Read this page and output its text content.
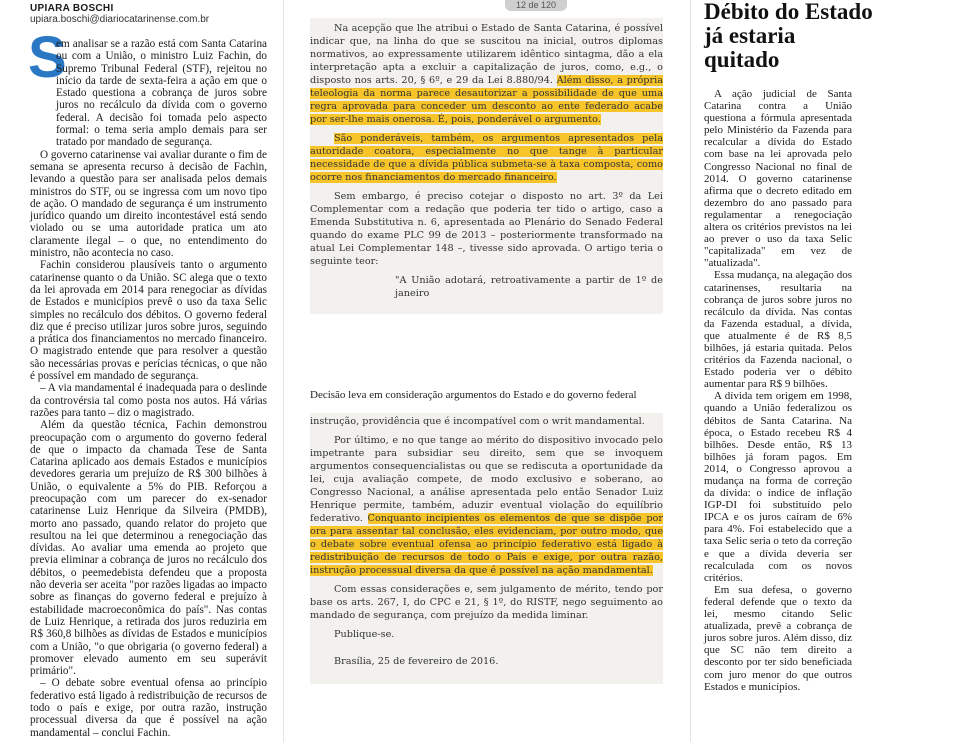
UPIARA BOSCHI
upiara.boschi@diariocatarinense.com.br
12 de 120
S

em analisar se a razão está com Santa Catarina ou com a União, o ministro Luiz Fachin, do Supremo Tribunal Federal (STF), rejeitou no início da tarde de sexta-feira a ação em que o Estado questiona a cobrança de juros sobre juros no recálculo da dívida com o governo federal. A decisão foi tomada pelo aspecto formal: o tema seria amplo demais para ser tratado por mandado de segurança.

O governo catarinense vai avaliar durante o fim de semana se apresenta recurso à decisão de Fachin, levando a questão para ser analisada pelos demais ministros do STF, ou se ingressa com um novo tipo de ação. O mandado de segurança é um instrumento jurídico quando um direito incontestável está sendo violado ou se uma autoridade pratica um ato claramente ilegal – o que, no entendimento do ministro, não acontecia no caso.

Fachin considerou plausíveis tanto o argumento catarinense quanto o da União. SC alega que o texto da lei aprovada em 2014 para renegociar as dívidas de Estados e municípios prevê o uso da taxa Selic simples no recálculo dos débitos. O governo federal diz que é preciso utilizar juros sobre juros, seguindo a prática dos financiamentos no mercado financeiro. O magistrado entende que para resolver a questão são necessárias provas e perícias técnicas, o que não é possível em mandado de segurança.

– A via mandamental é inadequada para o deslinde da controvérsia tal como posta nos autos. Há várias razões para tanto – diz o magistrado.

Além da questão técnica, Fachin demonstrou preocupação com o argumento do governo federal de que o impacto da chamada Tese de Santa Catarina aplicado aos demais Estados e municípios devedores geraria um prejuízo de R$ 300 bilhões à União, o equivalente a 5% do PIB. Reforçou a preocupação com um parecer do ex-senador catarinense Luiz Henrique da Silveira (PMDB), morto ano passado, quando relator do projeto que resultou na lei que determinou a renegociação das dívidas. Ao avaliar uma emenda ao projeto que previa eliminar a cobrança de juros no recálculo dos débitos, o peemedebista defendeu que a proposta não deveria ser aceita "por razões ligadas ao impacto sobre as finanças do governo federal e prejuízo à estabilidade macroeconômica do país". Nas contas de Luiz Henrique, a retirada dos juros reduziria em R$ 360,8 bilhões as dívidas de Estados e municípios com a União, "o que obrigaria (o governo federal) a promover elevado aumento em seu superávit primário".

– O debate sobre eventual ofensa ao princípio federativo está ligado à redistribuição de recursos de todo o país e exige, por outra razão, instrução processual diversa da que é possível na ação mandamental – conclui Fachin.

Na acepção que lhe atribui o Estado de Santa Catarina, é possível indicar que, na linha do que se suscitou na inicial, outros diplomas normativos, ao expressamente utilizarem idêntico sintagma, dão a ela interpretação apta a excluir a capitalização de juros, como, e.g., o disposto nos arts. 20, § 6º, e 29 da Lei 8.880/94. Além disso, a própria teleologia da norma parece desautorizar a possibilidade de que uma regra aprovada para conceder um desconto ao ente federado acabe por ser-lhe mais onerosa. É, pois, ponderável o argumento.

São ponderáveis, também, os argumentos apresentados pela autoridade coatora, especialmente no que tange à particular necessidade de que a dívida pública submeta-se à taxa composta, como ocorre nos financiamentos do mercado financeiro.

Sem embargo, é preciso cotejar o disposto no art. 3º da Lei Complementar com a redação que poderia ter tido o artigo, caso a Emenda Substitutiva n. 6, apresentada ao Plenário do Senado Federal quando do exame PLC 99 de 2013 – posteriormente transformado na atual Lei Complementar 148 –, tivesse sido aprovada. O artigo teria o seguinte teor:

"A União adotará, retroativamente a partir de 1º de janeiro

Decisão leva em consideração argumentos do Estado e do governo federal

instrução, providência que é incompatível com o writ mandamental.

Por último, e no que tange ao mérito do dispositivo invocado pelo impetrante para subsidiar seu direito, sem que se invoquem argumentos consequencialistas ou que se rediscuta a oportunidade da lei, cuja avaliação compete, de modo exclusivo e soberano, ao Congresso Nacional, a análise apresentada pelo então Senador Luiz Henrique permite, também, aduzir eventual violação do equilíbrio federativo. Conquanto incipientes os elementos de que se dispõe por ora para assentar tal conclusão, eles evidenciam, por outro modo, que o debate sobre eventual ofensa ao princípio federativo está ligado à redistribuição de recursos de todo o País e exige, por outra razão, instrução processual diversa da que é possível na ação mandamental.

Com essas considerações e, sem julgamento de mérito, tendo por base os arts. 267, I, do CPC e 21, § 1º, do RISTF, nego seguimento ao mandado de segurança, com prejuízo da medida liminar.

Publique-se.

Brasília, 25 de fevereiro de 2016.

Débito do Estado já estaria quitado

A ação judicial de Santa Catarina contra a União questiona a fórmula apresentada pelo Ministério da Fazenda para recalcular a dívida do Estado com base na lei aprovada pelo Congresso Nacional no final de 2014. O governo catarinense afirma que o decreto editado em dezembro do ano passado para regulamentar a renegociação altera os critérios previstos na lei ao prever o uso da taxa Selic "capitalizada" em vez de "atualizada".

Essa mudança, na alegação dos catarinenses, resultaria na cobrança de juros sobre juros no recálculo da dívida. Nas contas da Fazenda estadual, a dívida, que atualmente é de R$ 8,5 bilhões, já estaria quitada. Pelos critérios da Fazenda nacional, o Estado poderia ver o débito aumentar para R$ 9 bilhões.

A dívida tem origem em 1998, quando a União federalizou os débitos de Santa Catarina. Na época, o Estado recebeu R$ 4 bilhões. Desde então, R$ 13 bilhões já foram pagos. Em 2014, o Congresso aprovou a mudança na forma de correção da dívida: o índice de inflação IGP-DI foi substituído pelo IPCA e os juros caíram de 6% para 4%. Foi estabelecido que a taxa Selic seria o teto da correção e que a dívida deveria ser recalculada com os novos critérios.

Em sua defesa, o governo federal defende que o texto da lei, mesmo citando Selic atualizada, prevê a cobrança de juros sobre juros. Além disso, diz que SC não tem direito a desconto por ter sido beneficiada com juro menor do que outros Estados e municípios.
